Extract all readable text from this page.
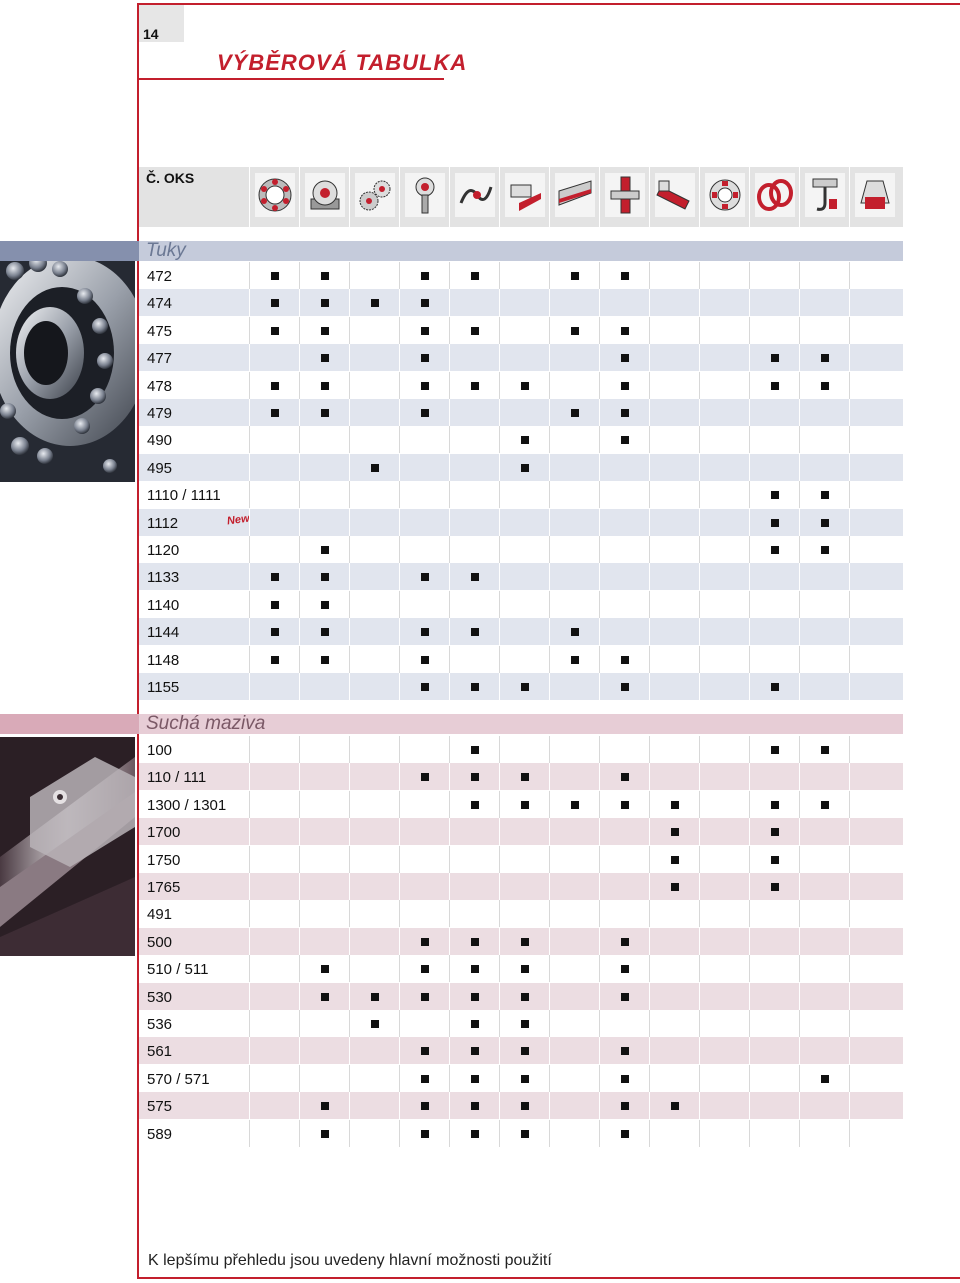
14
VÝBĚROVÁ TABULKA
Č. OKS
Tuky
472
474
475
477
478
479
490
495
1110 / 1111
1112	New
1120
1133
1140
1144
1148
1155
Suchá maziva
100
110 / 111
1300 / 1301
1700
1750
1765
491
500
510 / 511
530
536
561
570 / 571
575
589
K lepšímu přehledu jsou uvedeny hlavní možnosti použití
